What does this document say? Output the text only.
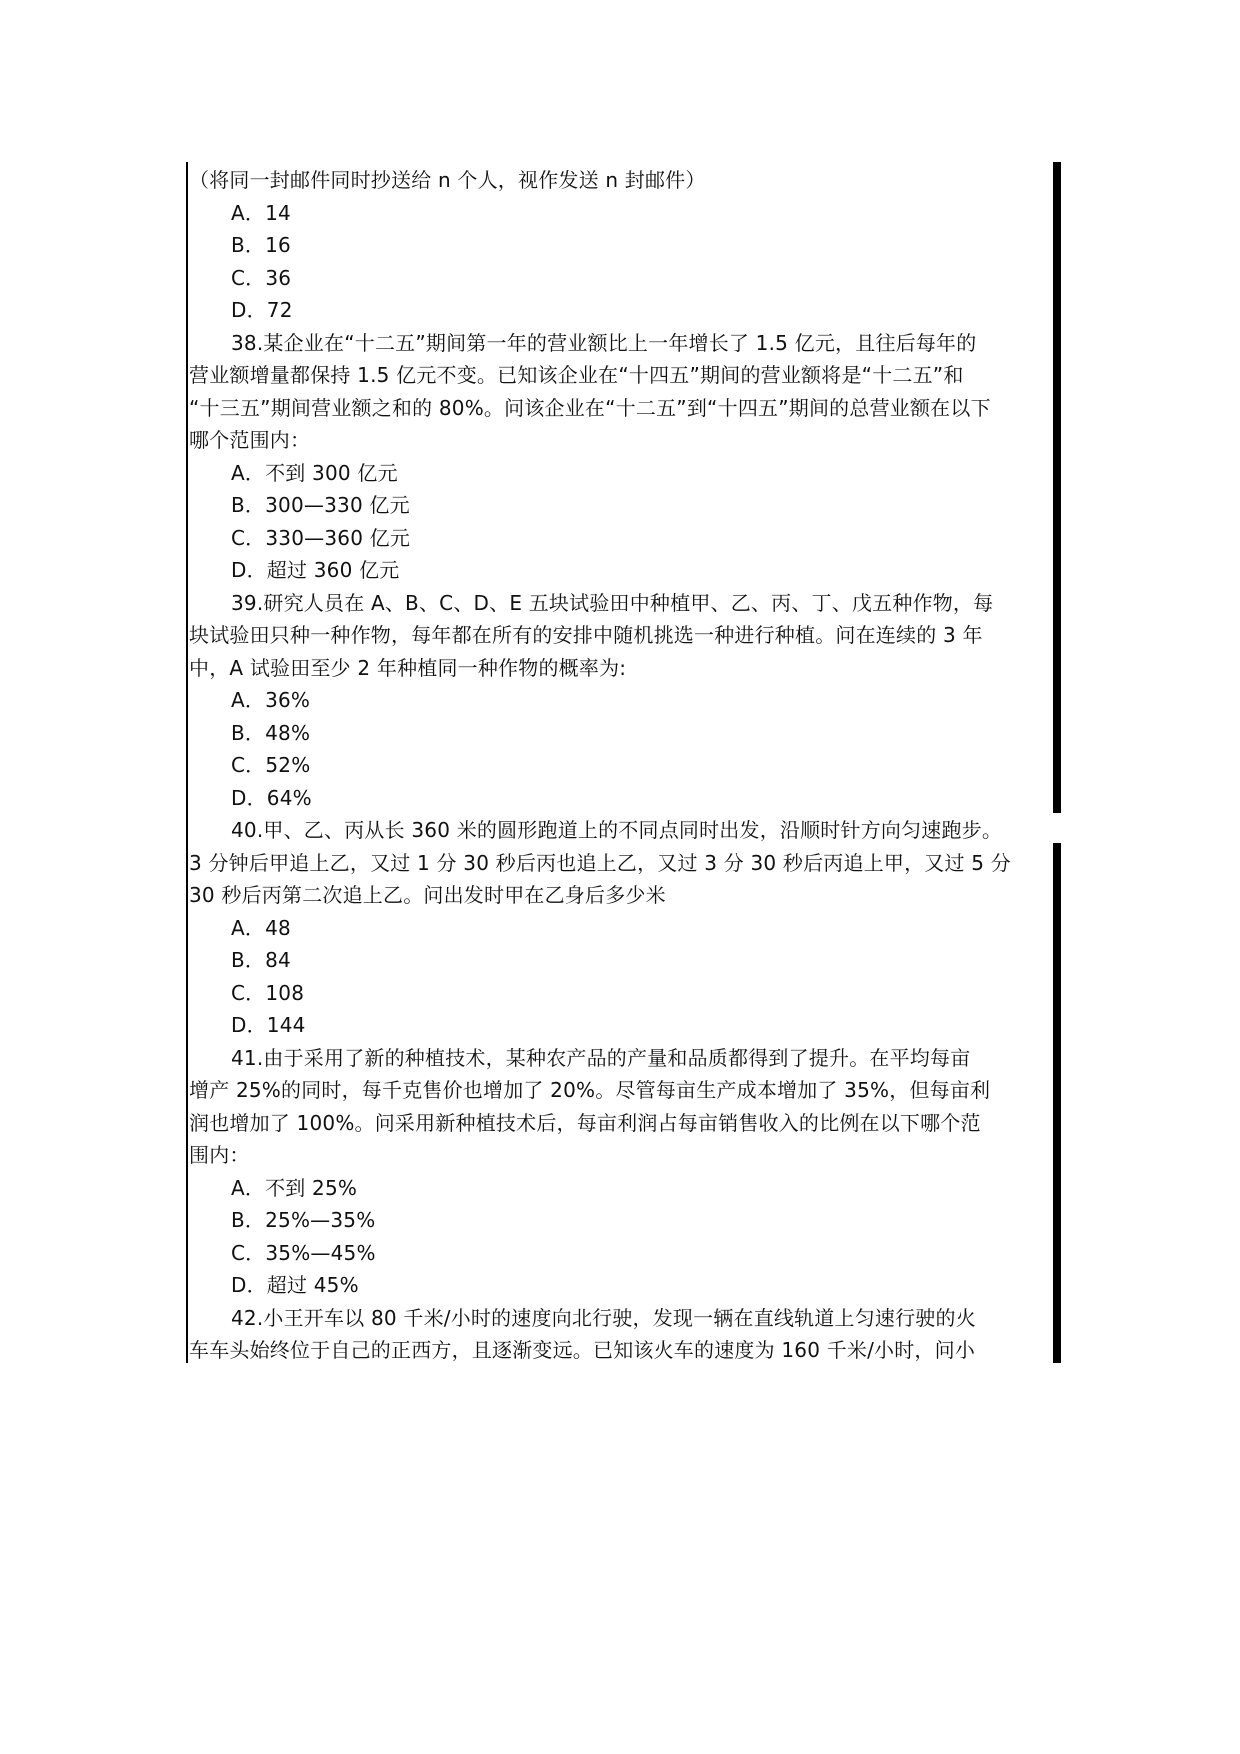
（将同一封邮件同时抄送给 n 个人，视作发送 n 封邮件）
A．14
B．16
C．36
D．72
38.某企业在“十二五”期间第一年的营业额比上一年增长了 1.5 亿元，且往后每年的
营业额增量都保持 1.5 亿元不变。已知该企业在“十四五”期间的营业额将是“十二五”和
“十三五”期间营业额之和的 80%。问该企业在“十二五”到“十四五”期间的总营业额在以下
哪个范围内：
A．不到 300 亿元
B．300—330 亿元
C．330—360 亿元
D．超过 360 亿元
39.研究人员在 A、B、C、D、E 五块试验田中种植甲、乙、丙、丁、戊五种作物，每
块试验田只种一种作物，每年都在所有的安排中随机挑选一种进行种植。问在连续的 3 年
中，A 试验田至少 2 年种植同一种作物的概率为:
A．36%
B．48%
C．52%
D．64%
40.甲、乙、丙从长 360 米的圆形跑道上的不同点同时出发，沿顺时针方向匀速跑步。
3 分钟后甲追上乙，又过 1 分 30 秒后丙也追上乙，又过 3 分 30 秒后丙追上甲，又过 5 分
30 秒后丙第二次追上乙。问出发时甲在乙身后多少米
A．48
B．84
C．108
D．144
41.由于采用了新的种植技术，某种农产品的产量和品质都得到了提升。在平均每亩
增产 25%的同时，每千克售价也增加了 20%。尽管每亩生产成本增加了 35%，但每亩利
润也增加了 100%。问采用新种植技术后，每亩利润占每亩销售收入的比例在以下哪个范
围内：
A．不到 25%
B．25%—35%
C．35%—45%
D．超过 45%
42.小王开车以 80 千米/小时的速度向北行驶，发现一辆在直线轨道上匀速行驶的火
车车头始终位于自己的正西方，且逐渐变远。已知该火车的速度为 160 千米/小时，问小
